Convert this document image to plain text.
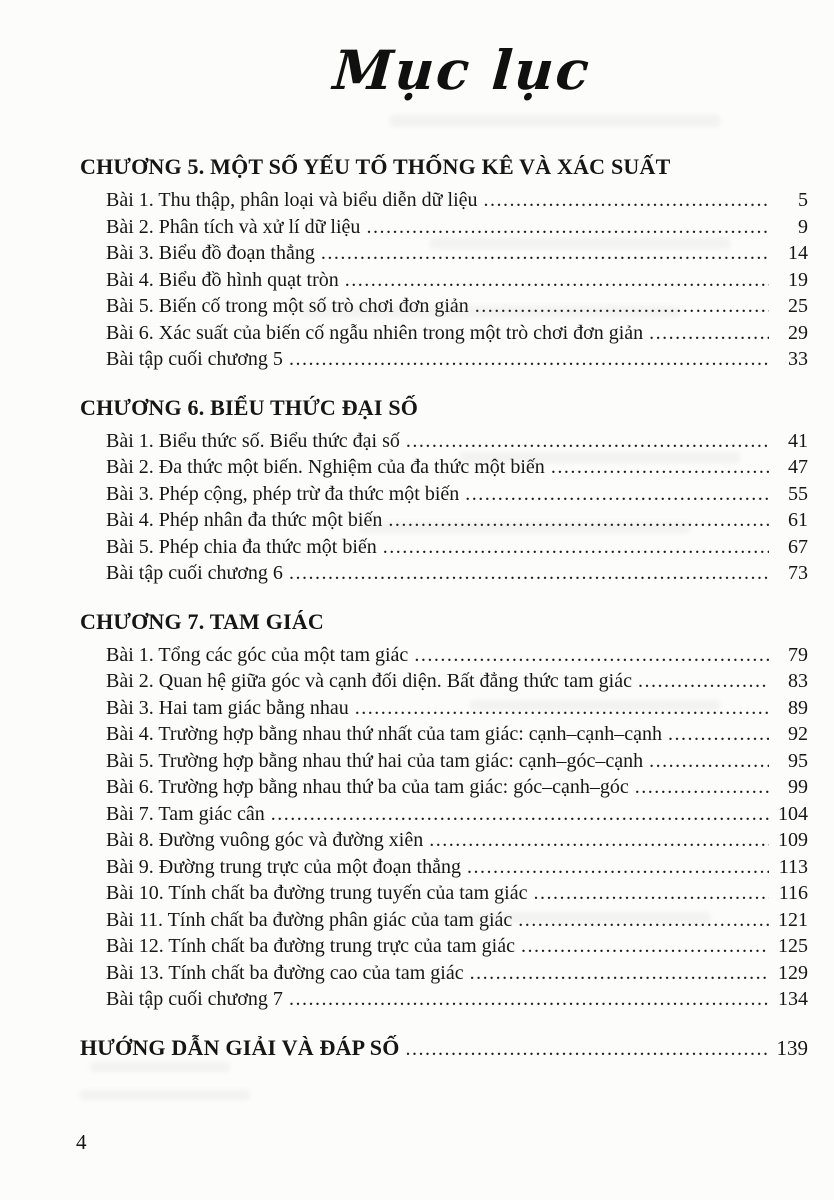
Mục lục
CHƯƠNG 5. MỘT SỐ YẾU TỐ THỐNG KÊ VÀ XÁC SUẤT
Bài 1. Thu thập, phân loại và biểu diễn dữ liệu .....	5
Bài 2. Phân tích và xử lí dữ liệu .....	9
Bài 3. Biểu đồ đoạn thẳng .....	14
Bài 4. Biểu đồ hình quạt tròn .....	19
Bài 5. Biến cố trong một số trò chơi đơn giản .....	25
Bài 6. Xác suất của biến cố ngẫu nhiên trong một trò chơi đơn giản .....	29
Bài tập cuối chương 5 .....	33
CHƯƠNG 6. BIỂU THỨC ĐẠI SỐ
Bài 1. Biểu thức số. Biểu thức đại số .....	41
Bài 2. Đa thức một biến. Nghiệm của đa thức một biến .....	47
Bài 3. Phép cộng, phép trừ đa thức một biến .....	55
Bài 4. Phép nhân đa thức một biến .....	61
Bài 5. Phép chia đa thức một biến .....	67
Bài tập cuối chương 6 .....	73
CHƯƠNG 7. TAM GIÁC
Bài 1. Tổng các góc của một tam giác .....	79
Bài 2. Quan hệ giữa góc và cạnh đối diện. Bất đẳng thức tam giác .....	83
Bài 3. Hai tam giác bằng nhau .....	89
Bài 4. Trường hợp bằng nhau thứ nhất của tam giác: cạnh–cạnh–cạnh .....	92
Bài 5. Trường hợp bằng nhau thứ hai của tam giác: cạnh–góc–cạnh .....	95
Bài 6. Trường hợp bằng nhau thứ ba của tam giác: góc–cạnh–góc .....	99
Bài 7. Tam giác cân .....	104
Bài 8. Đường vuông góc và đường xiên .....	109
Bài 9. Đường trung trực của một đoạn thẳng .....	113
Bài 10. Tính chất ba đường trung tuyến của tam giác .....	116
Bài 11. Tính chất ba đường phân giác của tam giác .....	121
Bài 12. Tính chất ba đường trung trực của tam giác .....	125
Bài 13. Tính chất ba đường cao của tam giác .....	129
Bài tập cuối chương 7 .....	134
HƯỚNG DẪN GIẢI VÀ ĐÁP SỐ .....	139
4
